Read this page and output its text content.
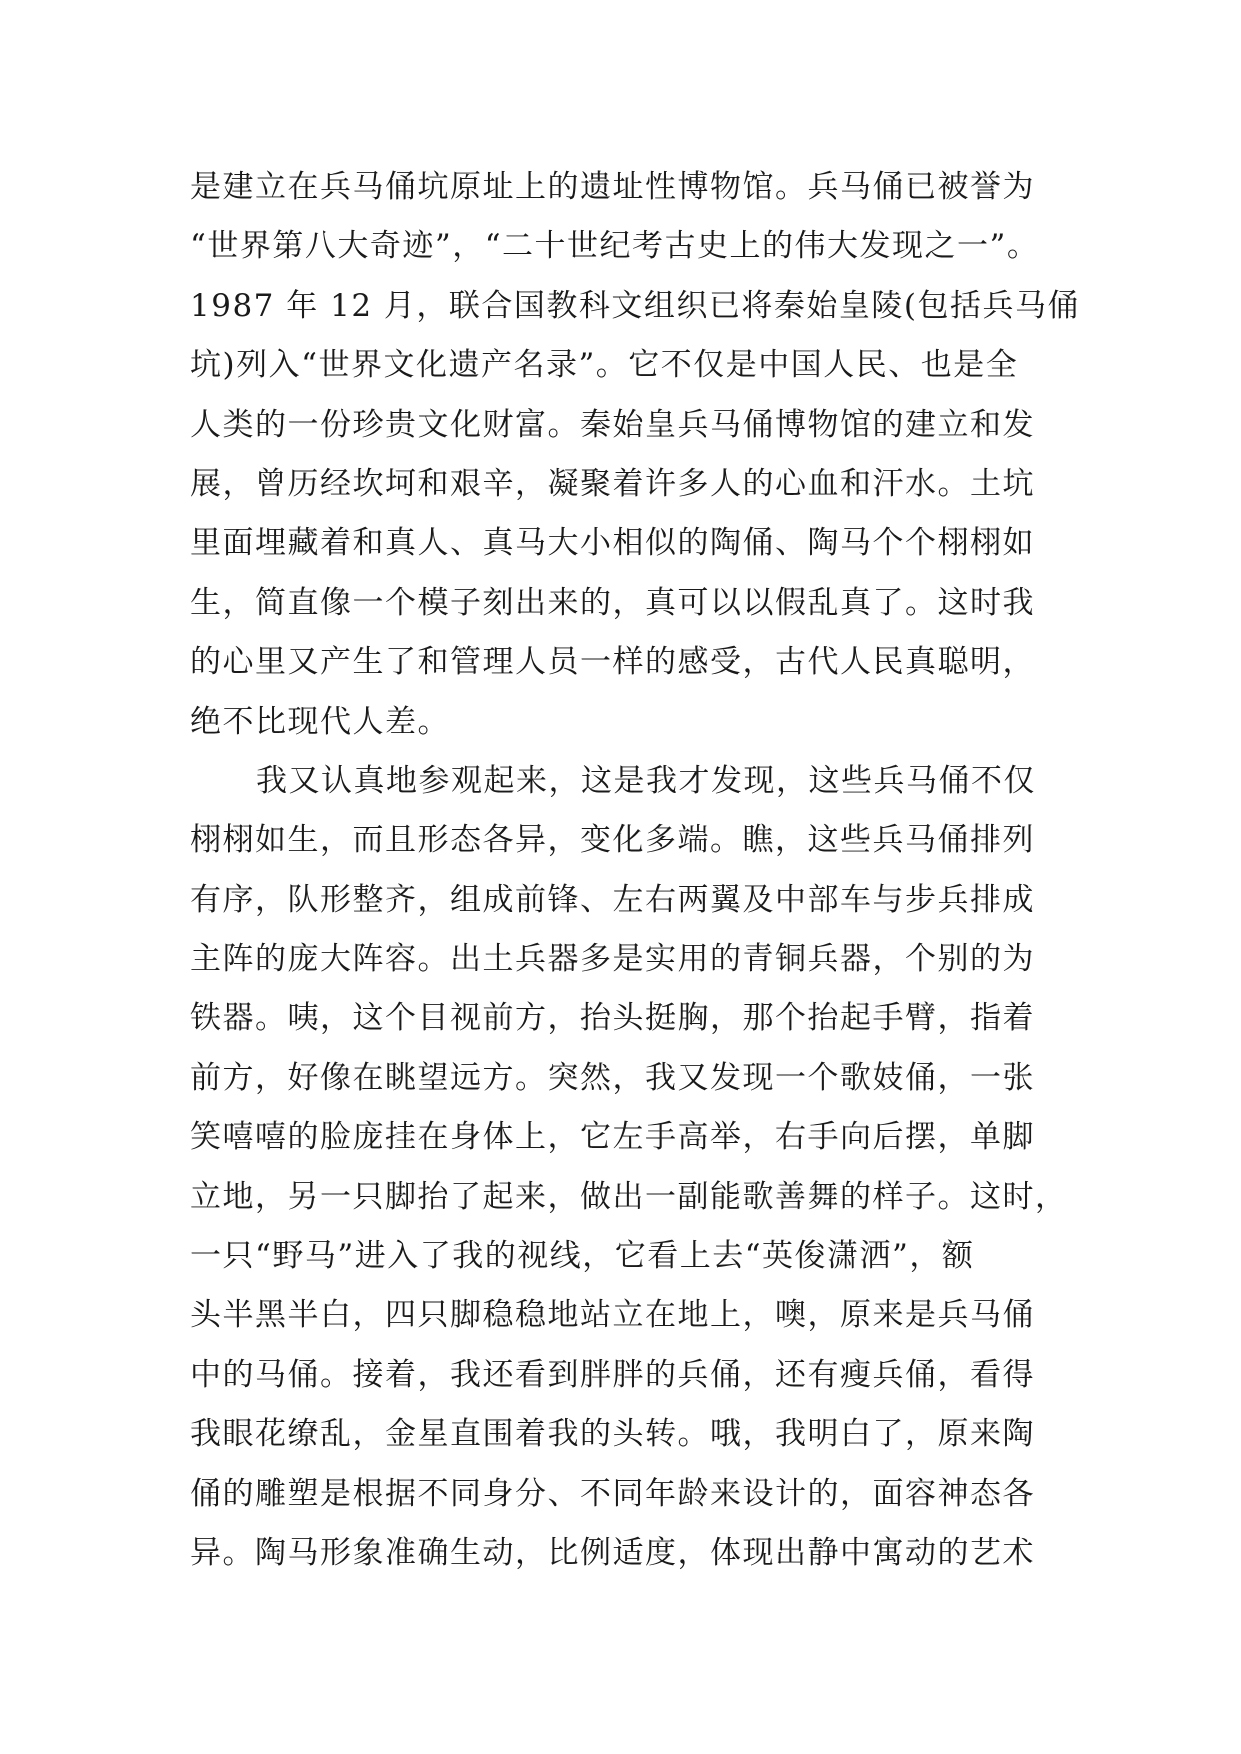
是建立在兵马俑坑原址上的遗址性博物馆。兵马俑已被誉为
“世界第八大奇迹”，“二十世纪考古史上的伟大发现之一”。
1987 年 12 月，联合国教科文组织已将秦始皇陵(包括兵马俑
坑)列入“世界文化遗产名录”。它不仅是中国人民、也是全
人类的一份珍贵文化财富。秦始皇兵马俑博物馆的建立和发
展，曾历经坎坷和艰辛，凝聚着许多人的心血和汗水。土坑
里面埋藏着和真人、真马大小相似的陶俑、陶马个个栩栩如
生，简直像一个模子刻出来的，真可以以假乱真了。这时我
的心里又产生了和管理人员一样的感受，古代人民真聪明，
绝不比现代人差。
我又认真地参观起来，这是我才发现，这些兵马俑不仅
栩栩如生，而且形态各异，变化多端。瞧，这些兵马俑排列
有序，队形整齐，组成前锋、左右两翼及中部车与步兵排成
主阵的庞大阵容。出土兵器多是实用的青铜兵器，个别的为
铁器。咦，这个目视前方，抬头挺胸，那个抬起手臂，指着
前方，好像在眺望远方。突然，我又发现一个歌妓俑，一张
笑嘻嘻的脸庞挂在身体上，它左手高举，右手向后摆，单脚
立地，另一只脚抬了起来，做出一副能歌善舞的样子。这时，
一只“野马”进入了我的视线，它看上去“英俊潇洒”，额
头半黑半白，四只脚稳稳地站立在地上，噢，原来是兵马俑
中的马俑。接着，我还看到胖胖的兵俑，还有瘦兵俑，看得
我眼花缭乱，金星直围着我的头转。哦，我明白了，原来陶
俑的雕塑是根据不同身分、不同年龄来设计的，面容神态各
异。陶马形象准确生动，比例适度，体现出静中寓动的艺术
